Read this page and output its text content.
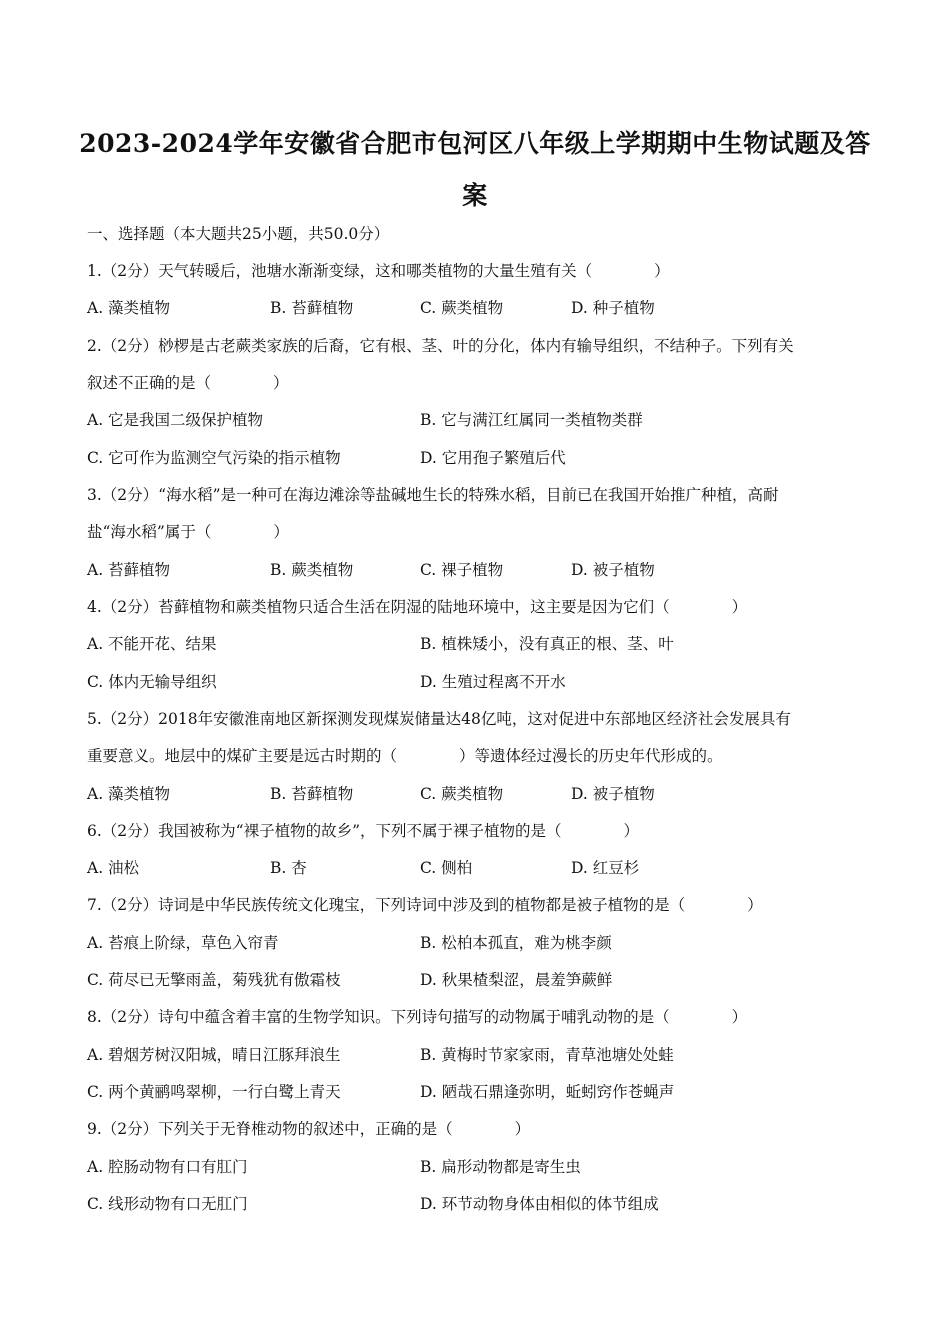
2023-2024学年安徽省合肥市包河区八年级上学期期中生物试题及答
案
一、选择题（本大题共25小题，共50.0分）
1.（2分）天气转暖后，池塘水渐渐变绿，这和哪类植物的大量生殖有关（　　　　）
A. 藻类植物	B. 苔藓植物	C. 蕨类植物	D. 种子植物
2.（2分）桫椤是古老蕨类家族的后裔，它有根、茎、叶的分化，体内有输导组织，不结种子。下列有关
叙述不正确的是（　　　　）
A. 它是我国二级保护植物	B. 它与满江红属同一类植物类群
C. 它可作为监测空气污染的指示植物	D. 它用孢子繁殖后代
3.（2分）“海水稻”是一种可在海边滩涂等盐碱地生长的特殊水稻，目前已在我国开始推广种植，高耐
盐“海水稻”属于（　　　　）
A. 苔藓植物	B. 蕨类植物	C. 裸子植物	D. 被子植物
4.（2分）苔藓植物和蕨类植物只适合生活在阴湿的陆地环境中，这主要是因为它们（　　　　）
A. 不能开花、结果	B. 植株矮小，没有真正的根、茎、叶
C. 体内无输导组织	D. 生殖过程离不开水
5.（2分）2018年安徽淮南地区新探测发现煤炭储量达48亿吨，这对促进中东部地区经济社会发展具有
重要意义。地层中的煤矿主要是远古时期的（　　　　）等遗体经过漫长的历史年代形成的。
A. 藻类植物	B. 苔藓植物	C. 蕨类植物	D. 被子植物
6.（2分）我国被称为“裸子植物的故乡”，下列不属于裸子植物的是（　　　　）
A. 油松	B. 杏	C. 侧柏	D. 红豆杉
7.（2分）诗词是中华民族传统文化瑰宝，下列诗词中涉及到的植物都是被子植物的是（　　　　）
A. 苔痕上阶绿，草色入帘青	B. 松柏本孤直，难为桃李颜
C. 荷尽已无擎雨盖，菊残犹有傲霜枝	D. 秋果楂梨涩，晨羞笋蕨鲜
8.（2分）诗句中蕴含着丰富的生物学知识。下列诗句描写的动物属于哺乳动物的是（　　　　）
A. 碧烟芳树汉阳城，晴日江豚拜浪生	B. 黄梅时节家家雨，青草池塘处处蛙
C. 两个黄鹂鸣翠柳，一行白鹭上青天	D. 陋哉石鼎逢弥明，蚯蚓窍作苍蝇声
9.（2分）下列关于无脊椎动物的叙述中，正确的是（　　　　）
A. 腔肠动物有口有肛门	B. 扁形动物都是寄生虫
C. 线形动物有口无肛门	D. 环节动物身体由相似的体节组成
